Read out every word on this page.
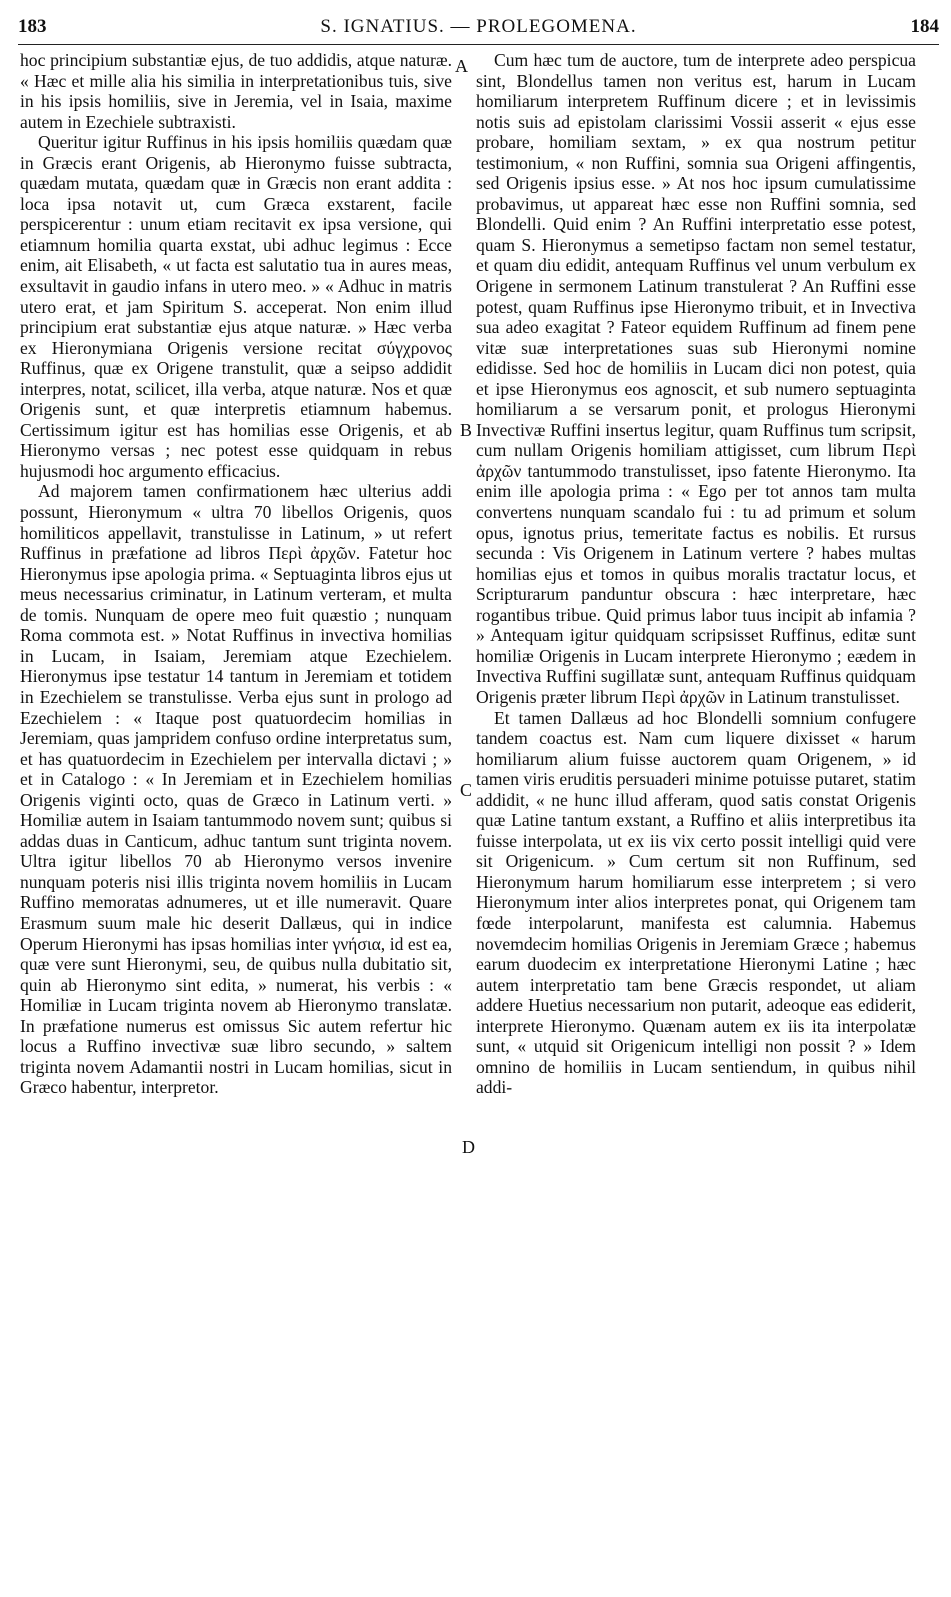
183	S. IGNATIUS. — PROLEGOMENA.	184
A
B
C
D

hoc principium substantiæ ejus, de tuo addidis, atque naturæ. « Hæc et mille alia his similia in interpretationibus tuis, sive in his ipsis homiliis, sive in Jeremia, vel in Isaia, maxime autem in Ezechiele subtraxisti.

Queritur igitur Ruffinus in his ipsis homiliis quædam quæ in Græcis erant Origenis, ab Hieronymo fuisse subtracta, quædam mutata, quædam quæ in Græcis non erant addita : loca ipsa notavit ut, cum Græca exstarent, facile perspicerentur : unum etiam recitavit ex ipsa versione, qui etiamnum homilia quarta exstat, ubi adhuc legimus : Ecce enim, ait Elisabeth, « ut facta est salutatio tua in aures meas, exsultavit in gaudio infans in utero meo. » « Adhuc in matris utero erat, et jam Spiritum S. acceperat. Non enim illud principium erat substantiæ ejus atque naturæ. » Hæc verba ex Hieronymiana Origenis versione recitat σύγχρονος Ruffinus, quæ ex Origene transtulit, quæ a seipso addidit interpres, notat, scilicet, illa verba, atque naturæ. Nos et quæ Origenis sunt, et quæ interpretis etiamnum habemus. Certissimum igitur est has homilias esse Origenis, et ab Hieronymo versas ; nec potest esse quidquam in rebus hujusmodi hoc argumento efficacius.

Ad majorem tamen confirmationem hæc ulterius addi possunt, Hieronymum « ultra 70 libellos Origenis, quos homiliticos appellavit, transtulisse in Latinum, » ut refert Ruffinus in præfatione ad libros Περὶ ἀρχῶν. Fatetur hoc Hieronymus ipse apologia prima. « Septuaginta libros ejus ut meus necessarius criminatur, in Latinum verteram, et multa de tomis. Nunquam de opere meo fuit quæstio ; nunquam Roma commota est. » Notat Ruffinus in invectiva homilias in Lucam, in Isaiam, Jeremiam atque Ezechielem. Hieronymus ipse testatur 14 tantum in Jeremiam et totidem in Ezechielem se transtulisse. Verba ejus sunt in prologo ad Ezechielem : « Itaque post quatuordecim homilias in Jeremiam, quas jampridem confuso ordine interpretatus sum, et has quatuordecim in Ezechielem per intervalla dictavi ; » et in Catalogo : « In Jeremiam et in Ezechielem homilias Origenis viginti octo, quas de Græco in Latinum verti. » Homiliæ autem in Isaiam tantummodo novem sunt; quibus si addas duas in Canticum, adhuc tantum sunt triginta novem. Ultra igitur libellos 70 ab Hieronymo versos invenire nunquam poteris nisi illis triginta novem homiliis in Lucam Ruffino memoratas adnumeres, ut et ille numeravit. Quare Erasmum suum male hic deserit Dallæus, qui in indice Operum Hieronymi has ipsas homilias inter γνήσια, id est ea, quæ vere sunt Hieronymi, seu, de quibus nulla dubitatio sit, quin ab Hieronymo sint edita, » numerat, his verbis : « Homiliæ in Lucam triginta novem ab Hieronymo translatæ. In præfatione numerus est omissus Sic autem refertur hic locus a Ruffino invectivæ suæ libro secundo, » saltem triginta novem Adamantii nostri in Lucam homilias, sicut in Græco habentur, interpretor.

Cum hæc tum de auctore, tum de interprete adeo perspicua sint, Blondellus tamen non veritus est, harum in Lucam homiliarum interpretem Ruffinum dicere ; et in levissimis notis suis ad epistolam clarissimi Vossii asserit « ejus esse probare, homiliam sextam, » ex qua nostrum petitur testimonium, « non Ruffini, somnia sua Origeni affingentis, sed Origenis ipsius esse. » At nos hoc ipsum cumulatissime probavimus, ut appareat hæc esse non Ruffini somnia, sed Blondelli. Quid enim ? An Ruffini interpretatio esse potest, quam S. Hieronymus a semetipso factam non semel testatur, et quam diu edidit, antequam Ruffinus vel unum verbulum ex Origene in sermonem Latinum transtulerat ? An Ruffini esse potest, quam Ruffinus ipse Hieronymo tribuit, et in Invectiva sua adeo exagitat ? Fateor equidem Ruffinum ad finem pene vitæ suæ interpretationes suas sub Hieronymi nomine edidisse. Sed hoc de homiliis in Lucam dici non potest, quia et ipse Hieronymus eos agnoscit, et sub numero septuaginta homiliarum a se versarum ponit, et prologus Hieronymi Invectivæ Ruffini insertus legitur, quam Ruffinus tum scripsit, cum nullam Origenis homiliam attigisset, cum librum Περὶ ἀρχῶν tantummodo transtulisset, ipso fatente Hieronymo. Ita enim ille apologia prima : « Ego per tot annos tam multa convertens nunquam scandalo fui : tu ad primum et solum opus, ignotus prius, temeritate factus es nobilis. Et rursus secunda : Vis Origenem in Latinum vertere ? habes multas homilias ejus et tomos in quibus moralis tractatur locus, et Scripturarum panduntur obscura : hæc interpretare, hæc rogantibus tribue. Quid primus labor tuus incipit ab infamia ? » Antequam igitur quidquam scripsisset Ruffinus, editæ sunt homiliæ Origenis in Lucam interprete Hieronymo ; eædem in Invectiva Ruffini sugillatæ sunt, antequam Ruffinus quidquam Origenis præter librum Περὶ ἀρχῶν in Latinum transtulisset.

Et tamen Dallæus ad hoc Blondelli somnium confugere tandem coactus est. Nam cum liquere dixisset « harum homiliarum alium fuisse auctorem quam Origenem, » id tamen viris eruditis persuaderi minime potuisse putaret, statim addidit, « ne hunc illud afferam, quod satis constat Origenis quæ Latine tantum exstant, a Ruffino et aliis interpretibus ita fuisse interpolata, ut ex iis vix certo possit intelligi quid vere sit Origenicum. » Cum certum sit non Ruffinum, sed Hieronymum harum homiliarum esse interpretem ; si vero Hieronymum inter alios interpretes ponat, qui Origenem tam fœde interpolarunt, manifesta est calumnia. Habemus novemdecim homilias Origenis in Jeremiam Græce ; habemus earum duodecim ex interpretatione Hieronymi Latine ; hæc autem interpretatio tam bene Græcis respondet, ut aliam addere Huetius necessarium non putarit, adeoque eas ediderit, interprete Hieronymo. Quænam autem ex iis ita interpolatæ sunt, « utquid sit Origenicum intelligi non possit ? » Idem omnino de homiliis in Lucam sentiendum, in quibus nihil addi-
